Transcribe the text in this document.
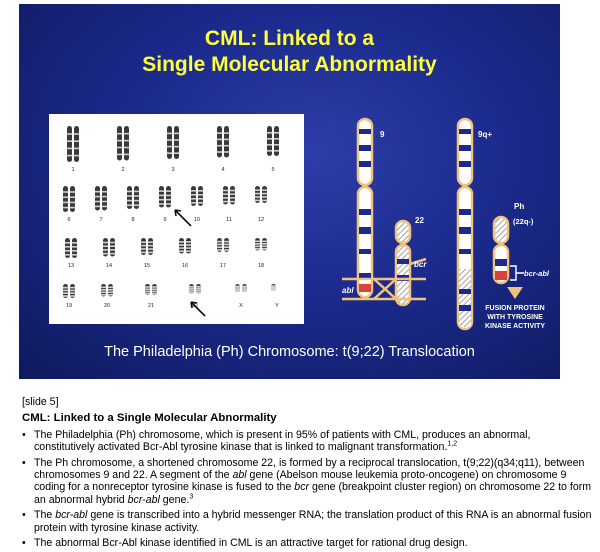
CML: Linked to a
Single Molecular Abnormality
1	2	3	4	5
6	7	8	9	10	11	12
13	14	15	16	17	18
19	20	21	22	X	Y
9
22
bcr
abl
9q+
Ph
(22q-)
bcr-abl
FUSION PROTEIN
WITH TYROSINE
KINASE ACTIVITY
The Philadelphia (Ph) Chromosome: t(9;22) Translocation
[slide 5]
CML: Linked to a Single Molecular Abnormality
• The Philadelphia (Ph) chromosome, which is present in 95% of patients with CML, produces an abnormal, constitutively activated Bcr-Abl tyrosine kinase that is linked to malignant transformation.$^{1,2}$
• The Ph chromosome, a shortened chromosome 22, is formed by a reciprocal translocation, t(9;22)(q34;q11), between chromosomes 9 and 22. A segment of the abl gene (Abelson mouse leukemia proto-oncogene) on chromosome 9 coding for a nonreceptor tyrosine kinase is fused to the bcr gene (breakpoint cluster region) on chromosome 22 to form an abnormal hybrid bcr-abl gene.$^3$
• The bcr-abl gene is transcribed into a hybrid messenger RNA; the translation product of this RNA is an abnormal fusion protein with tyrosine kinase activity.
• The abnormal Bcr-Abl kinase identified in CML is an attractive target for rational drug design.
